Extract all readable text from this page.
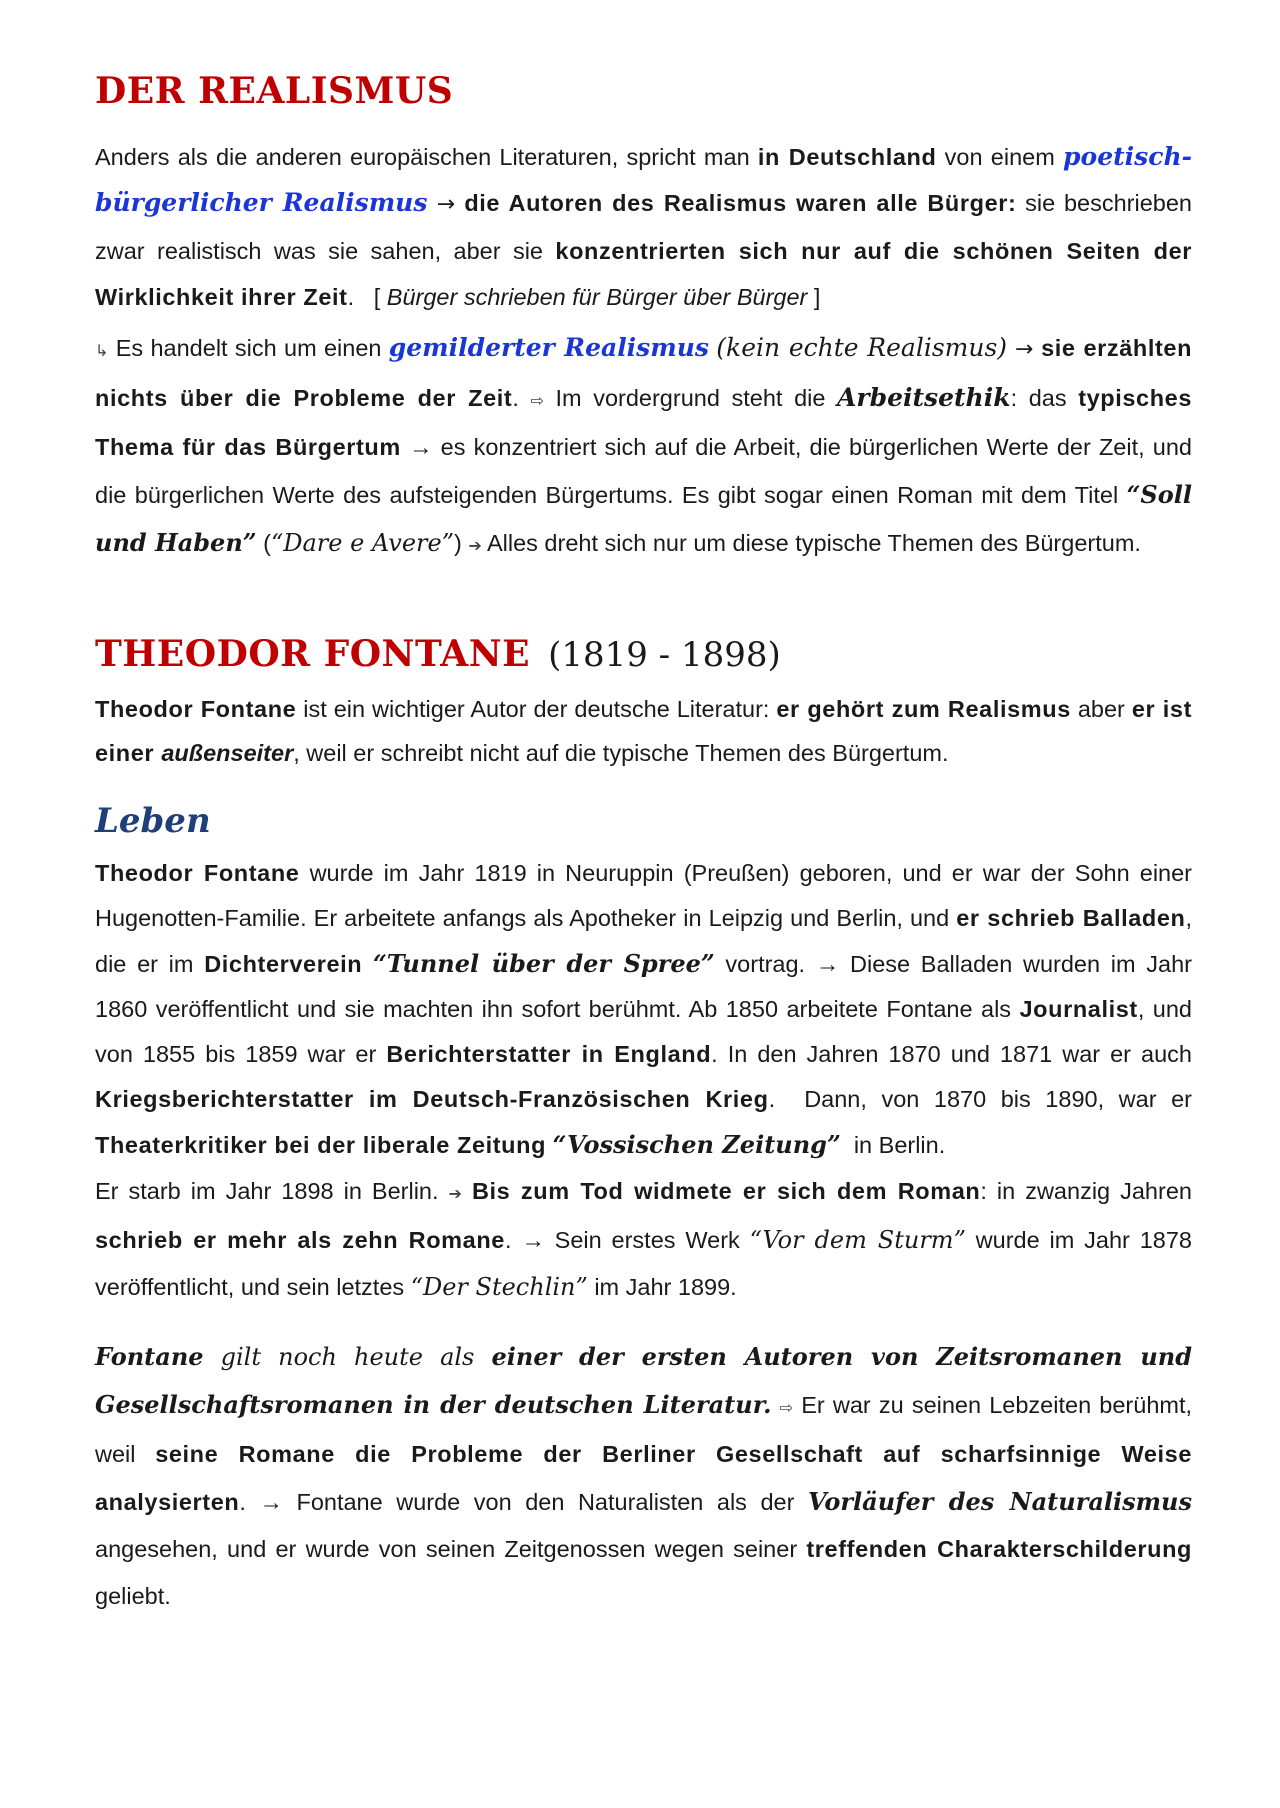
DER REALISMUS

Anders als die anderen europäischen Literaturen, spricht man in Deutschland von einem poetisch-bürgerlicher Realismus → die Autoren des Realismus waren alle Bürger: sie beschrieben zwar realistisch was sie sahen, aber sie konzentrierten sich nur auf die schönen Seiten der Wirklichkeit ihrer Zeit.   [ Bürger schrieben für Bürger über Bürger ]

↳ Es handelt sich um einen gemilderter Realismus (kein echte Realismus) → sie erzählten nichts über die Probleme der Zeit. ⇨ Im vordergrund steht die Arbeitsethik: das typisches Thema für das Bürgertum → es konzentriert sich auf die Arbeit, die bürgerlichen Werte der Zeit, und die bürgerlichen Werte des aufsteigenden Bürgertums. Es gibt sogar einen Roman mit dem Titel “Soll und Haben” (“Dare e Avere”) ➔ Alles dreht sich nur um diese typische Themen des Bürgertum.

THEODOR FONTANE (1819 - 1898)

Theodor Fontane ist ein wichtiger Autor der deutsche Literatur: er gehört zum Realismus aber er ist einer außenseiter, weil er schreibt nicht auf die typische Themen des Bürgertum.

Leben

Theodor Fontane wurde im Jahr 1819 in Neuruppin (Preußen) geboren, und er war der Sohn einer Hugenotten-Familie. Er arbeitete anfangs als Apotheker in Leipzig und Berlin, und er schrieb Balladen, die er im Dichterverein “Tunnel über der Spree” vortrag. → Diese Balladen wurden im Jahr 1860 veröffentlicht und sie machten ihn sofort berühmt. Ab 1850 arbeitete Fontane als Journalist, und von 1855 bis 1859 war er Berichterstatter in England. In den Jahren 1870 und 1871 war er auch Kriegsberichterstatter im Deutsch-Französischen Krieg.  Dann, von 1870 bis 1890, war er Theaterkritiker bei der liberale Zeitung “Vossischen Zeitung”  in Berlin.

Er starb im Jahr 1898 in Berlin. ➔ Bis zum Tod widmete er sich dem Roman: in zwanzig Jahren schrieb er mehr als zehn Romane. → Sein erstes Werk “Vor dem Sturm” wurde im Jahr 1878 veröffentlicht, und sein letztes “Der Stechlin” im Jahr 1899.

Fontane gilt noch heute als einer der ersten Autoren von Zeitsromanen und Gesellschaftsromanen in der deutschen Literatur. ⇨ Er war zu seinen Lebzeiten berühmt, weil seine Romane die Probleme der Berliner Gesellschaft auf scharfsinnige Weise analysierten. → Fontane wurde von den Naturalisten als der Vorläufer des Naturalismus angesehen, und er wurde von seinen Zeitgenossen wegen seiner treffenden Charakterschilderung  geliebt.
